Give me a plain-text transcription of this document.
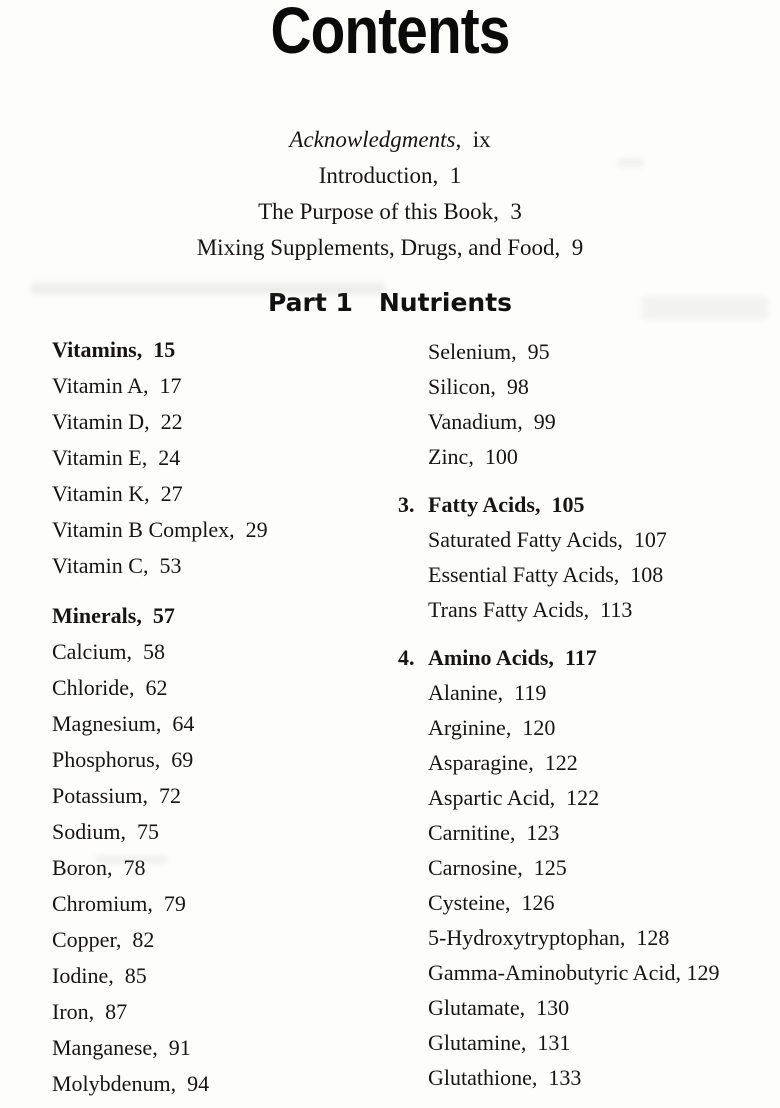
Contents
Acknowledgments,  ix
Introduction,  1
The Purpose of this Book,  3
Mixing Supplements, Drugs, and Food,  9
Part 1 Nutrients
Vitamins,  15
Vitamin A,  17
Vitamin D,  22
Vitamin E,  24
Vitamin K,  27
Vitamin B Complex,  29
Vitamin C,  53
Minerals,  57
Calcium,  58
Chloride,  62
Magnesium,  64
Phosphorus,  69
Potassium,  72
Sodium,  75
Boron,  78
Chromium,  79
Copper,  82
Iodine,  85
Iron,  87
Manganese,  91
Molybdenum,  94
Selenium,  95
Silicon,  98
Vanadium,  99
Zinc,  100
3. Fatty Acids,  105
Saturated Fatty Acids,  107
Essential Fatty Acids,  108
Trans Fatty Acids,  113
4. Amino Acids,  117
Alanine,  119
Arginine,  120
Asparagine,  122
Aspartic Acid,  122
Carnitine,  123
Carnosine,  125
Cysteine,  126
5-Hydroxytryptophan,  128
Gamma-Aminobutyric Acid, 129
Glutamate,  130
Glutamine,  131
Glutathione,  133
